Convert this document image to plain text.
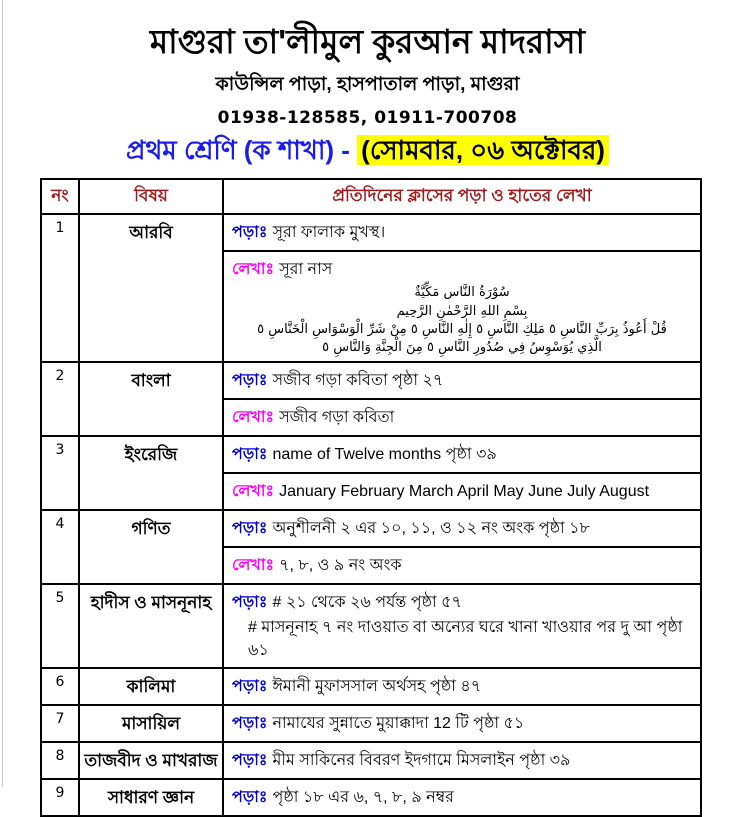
মাগুরা তা'লীমুল কুরআন মাদরাসা
কাউন্সিল পাড়া, হাসপাতাল পাড়া, মাগুরা
01938-128585, 01911-700708
প্রথম শ্রেণি (ক শাখা) - (সোমবার, ০৬ অক্টোবর)
নং	বিষয়	প্রতিদিনের ক্লাসের পড়া ও হাতের লেখা
1	আরবি	পড়াঃ সূরা ফালাক মুখস্থ।

		লেখাঃ সূরা নাস
سُوْرَةُ النَّاس مَكِّيَّةٌ
بِسْمِ اللهِ الرَّحْمٰنِ الرَّحِيم
قُلْ أَعُوذُ بِرَبِّ النَّاسِ ٥ مَلِكِ النَّاسِ ٥ إِلٰهِ النَّاسِ ٥ مِنْ شَرِّ الْوَسْوَاسِ الْخَنَّاسِ ٥
الَّذِي يُوَسْوِسُ فِي صُدُورِ النَّاسِ ٥ مِنَ الْجِنَّةِ وَالنَّاسِ ٥

2	বাংলা	পড়াঃ সজীব গড়া কবিতা পৃষ্ঠা ২৭

		লেখাঃ সজীব গড়া কবিতা

3	ইংরেজি	পড়াঃ name of Twelve months পৃষ্ঠা ৩৯

		লেখাঃ January February March April May June July August

4	গণিত	পড়াঃ অনুশীলনী ২ এর ১০, ১১, ও ১২ নং অংক পৃষ্ঠা ১৮

		লেখাঃ ৭, ৮, ও ৯ নং অংক

5	হাদীস ও মাসনূনাহ	পড়াঃ # ২১ থেকে ২৬ পর্যন্ত পৃষ্ঠা ৫৭
# মাসনূনাহ ৭ নং দাওয়াত বা অন্যের ঘরে খানা খাওয়ার পর দু আ পৃষ্ঠা ৬১

6	কালিমা	পড়াঃ ঈমানী মুফাসসাল অর্থসহ পৃষ্ঠা ৪৭

7	মাসায়িল	পড়াঃ নামাযের সুন্নাতে মুয়াক্কাদা 12 টি পৃষ্ঠা ৫১

8	তাজবীদ ও মাখরাজ	পড়াঃ মীম সাকিনের বিবরণ ইদগামে মিসলাইন পৃষ্ঠা ৩৯

9	সাধারণ জ্ঞান	পড়াঃ পৃষ্ঠা ১৮ এর ৬, ৭, ৮, ৯ নম্বর
